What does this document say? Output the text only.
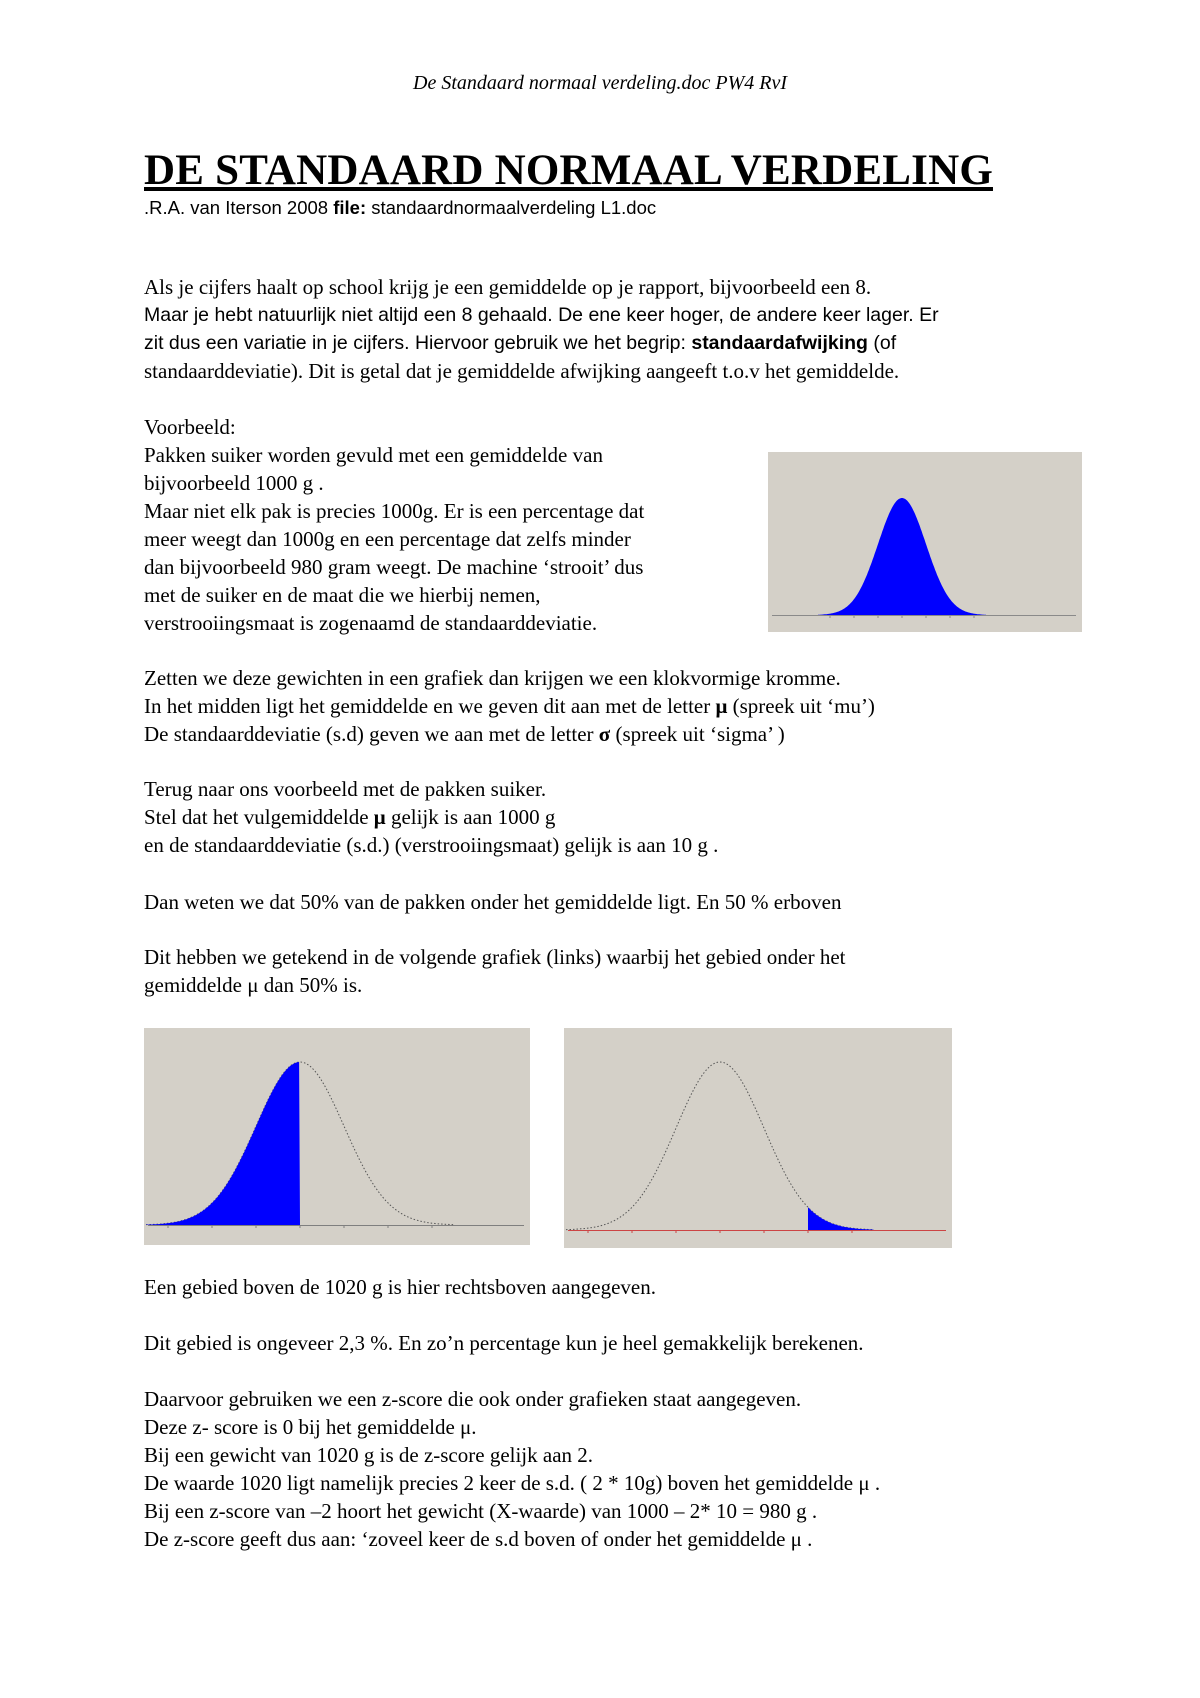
De Standaard normaal verdeling.doc PW4 RvI
DE STANDAARD NORMAAL VERDELING
.R.A. van Iterson 2008 file: standaardnormaalverdeling L1.doc

Als je cijfers haalt op school krijg je een gemiddelde op je rapport, bijvoorbeeld een 8.

Maar je hebt natuurlijk niet altijd een 8 gehaald. De ene keer hoger, de andere keer lager. Er

zit dus een variatie in je cijfers. Hiervoor gebruik we het begrip: standaardafwijking (of

standaarddeviatie). Dit is getal dat je gemiddelde afwijking aangeeft t.o.v het gemiddelde.

Voorbeeld:

Pakken suiker worden gevuld met een gemiddelde van

bijvoorbeeld 1000 g .

Maar niet elk pak is precies 1000g. Er is een percentage dat

meer weegt dan 1000g en een percentage dat zelfs minder

dan bijvoorbeeld 980 gram weegt. De machine ‘strooit’ dus

met de suiker en de maat die we hierbij nemen,

verstrooiingsmaat is zogenaamd de standaarddeviatie.

Zetten we deze gewichten in een grafiek dan krijgen we een klokvormige kromme.

In het midden ligt het gemiddelde en we geven dit aan met de letter μ (spreek uit ‘mu’)

De standaarddeviatie (s.d) geven we aan met de letter σ (spreek uit ‘sigma’ )

Terug naar ons voorbeeld met de pakken suiker.

Stel dat het vulgemiddelde μ gelijk is aan 1000 g

en de standaarddeviatie (s.d.) (verstrooiingsmaat) gelijk is aan 10 g .

Dan weten we dat 50% van de pakken onder het gemiddelde ligt. En 50 % erboven

Dit hebben we getekend in de volgende grafiek (links) waarbij het gebied onder het

gemiddelde μ dan 50% is.

Een gebied boven de 1020 g is hier rechtsboven aangegeven.

Dit gebied is ongeveer 2,3 %. En zo’n percentage kun je heel gemakkelijk berekenen.

Daarvoor gebruiken we een z-score die ook onder grafieken staat aangegeven.

Deze z- score is 0 bij het gemiddelde μ.

Bij een gewicht van 1020 g is de z-score gelijk aan 2.

De waarde 1020 ligt namelijk precies 2 keer de s.d. ( 2 * 10g) boven het gemiddelde μ .

Bij een z-score van –2 hoort het gewicht (X-waarde) van 1000 – 2* 10 = 980 g .

De z-score geeft dus aan: ‘zoveel keer de s.d boven of onder het gemiddelde μ .
